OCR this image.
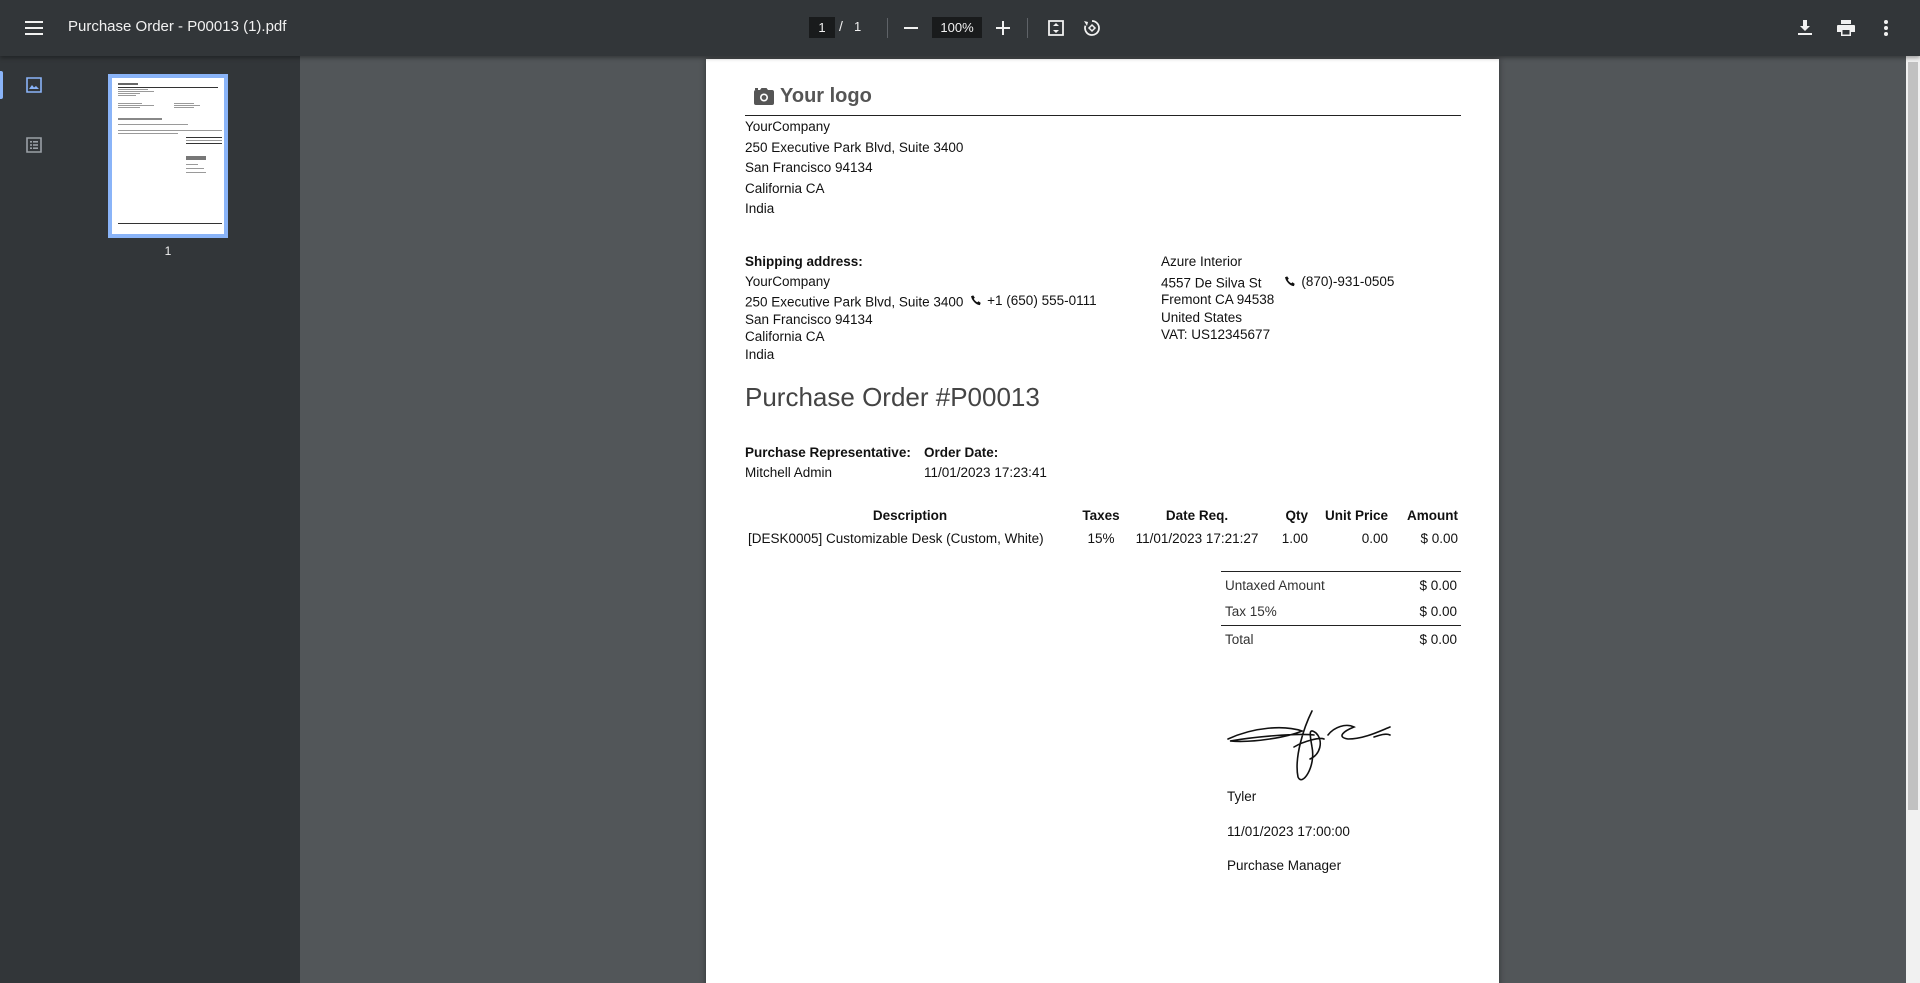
Purchase Order - P00013 (1).pdf
1	/ 1
100%
1
Your logo
YourCompany
250 Executive Park Blvd, Suite 3400
San Francisco 94134
California CA
India
Shipping address:
YourCompany
250 Executive Park Blvd, Suite 3400 +1 (650) 555-0111
San Francisco 94134
California CA
India
Azure Interior
4557 De Silva St	(870)-931-0505
Fremont CA 94538
United States
VAT: US12345677
Purchase Order #P00013
Purchase Representative:
Mitchell Admin
Order Date:
11/01/2023 17:23:41
Description	Taxes	Date Req.	Qty	Unit Price	Amount
[DESK0005] Customizable Desk (Custom, White)	15%	11/01/2023 17:21:27	1.00	0.00	$ 0.00
Untaxed Amount	$ 0.00
Tax 15%	$ 0.00
Total	$ 0.00
Tyler
11/01/2023 17:00:00
Purchase Manager
